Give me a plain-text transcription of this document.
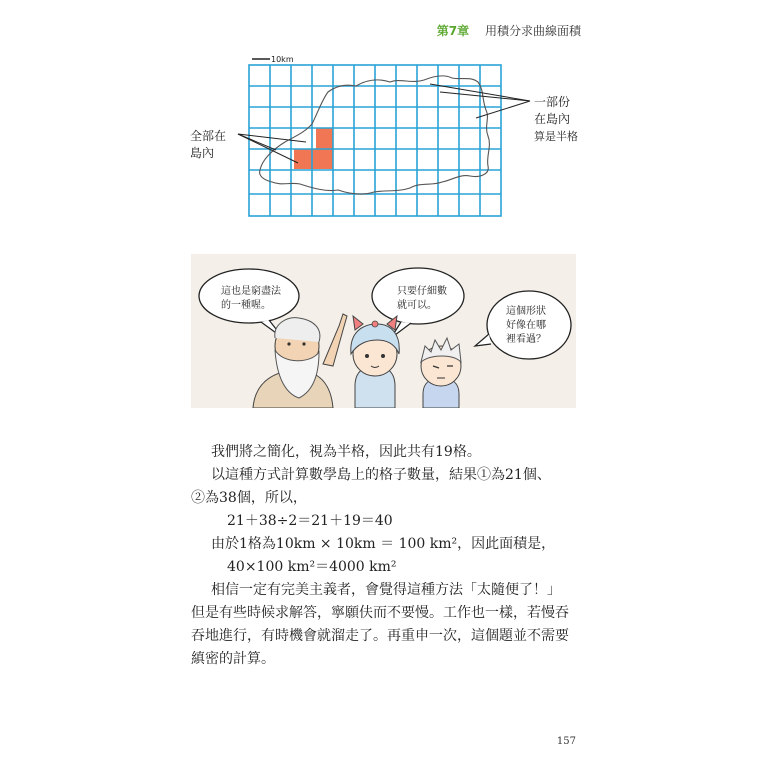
第7章 用積分求曲線面積
10km
一部份
在島內
算是半格
全部在
島內
這也是窮盡法
的一種喔。
只要仔細數
就可以。
這個形狀
好像在哪
裡看過？

我們將之簡化，視為半格，因此共有19格。

以這種方式計算數學島上的格子數量，結果①為21個、

②為38個，所以，

21＋38÷2＝21＋19＝40

由於1格為10km × 10km ＝ 100 km²，因此面積是，

40×100 km²＝4000 km²

相信一定有完美主義者，會覺得這種方法「太隨便了！」

但是有些時候求解答，寧願伕而不要慢。工作也一樣，若慢吞

吞地進行，有時機會就溜走了。再重申一次，這個題並不需要

縝密的計算。

157
